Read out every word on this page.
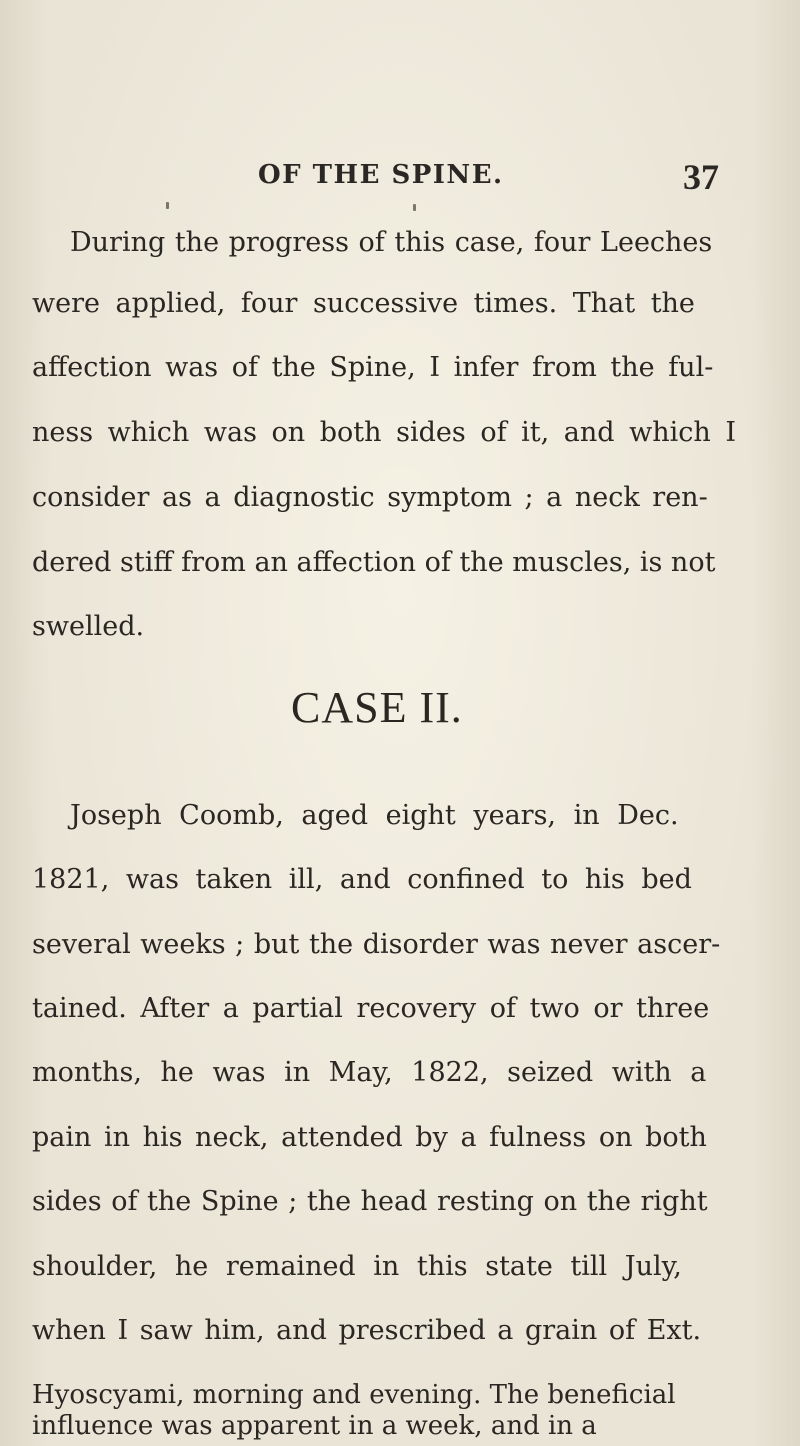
OF THE SPINE.	37
During the progress of this case, four Leeches
were applied, four successive times. That the
affection was of the Spine, I infer from the ful-
ness which was on both sides of it, and which I
consider as a diagnostic symptom ; a neck ren-
dered stiff from an affection of the muscles, is not
swelled.
CASE II.
Joseph Coomb, aged eight years, in Dec.
1821, was taken ill, and confined to his bed
several weeks ; but the disorder was never ascer-
tained. After a partial recovery of two or three
months, he was in May, 1822, seized with a
pain in his neck, attended by a fulness on both
sides of the Spine ; the head resting on the right
shoulder, he remained in this state till July,
when I saw him, and prescribed a grain of Ext.
Hyoscyami, morning and evening. The beneficial
influence was apparent in a week, and in a
